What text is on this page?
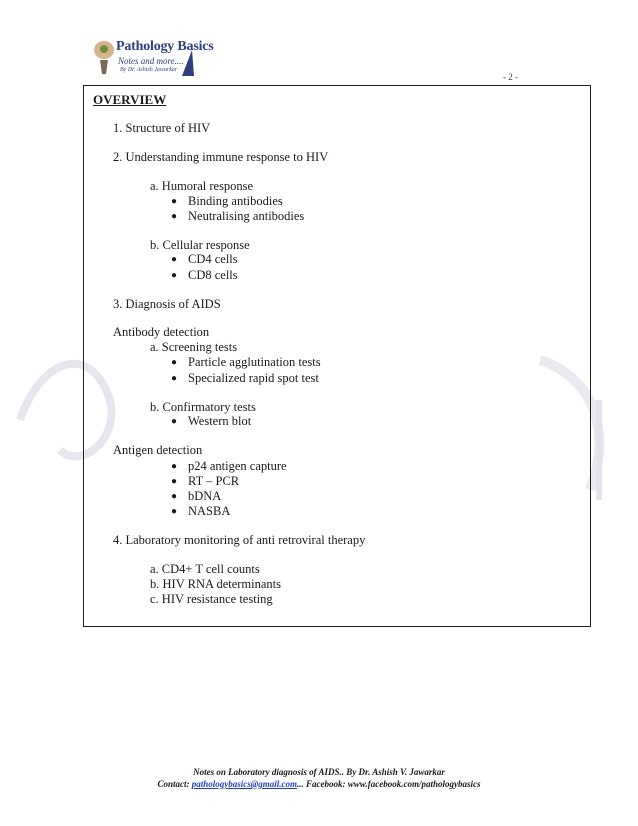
Pathology Basics
Notes and more....
By Dr. Ashish Jawarkar
- 2 -
OVERVIEW
1. Structure of HIV
2. Understanding immune response to HIV
a. Humoral response
● Binding antibodies
● Neutralising antibodies
b. Cellular response
● CD4 cells
● CD8 cells
3. Diagnosis of AIDS
Antibody detection
a. Screening tests
● Particle agglutination tests
● Specialized rapid spot test
b. Confirmatory tests
● Western blot
Antigen detection
● p24 antigen capture
● RT – PCR
● bDNA
● NASBA
4. Laboratory monitoring of anti retroviral therapy
a. CD4+ T cell counts
b. HIV RNA determinants
c. HIV resistance testing
Notes on Laboratory diagnosis of AIDS.. By Dr. Ashish V. Jawarkar
Contact: pathologybasics@gmail.com... Facebook: www.facebook.com/pathologybasics
